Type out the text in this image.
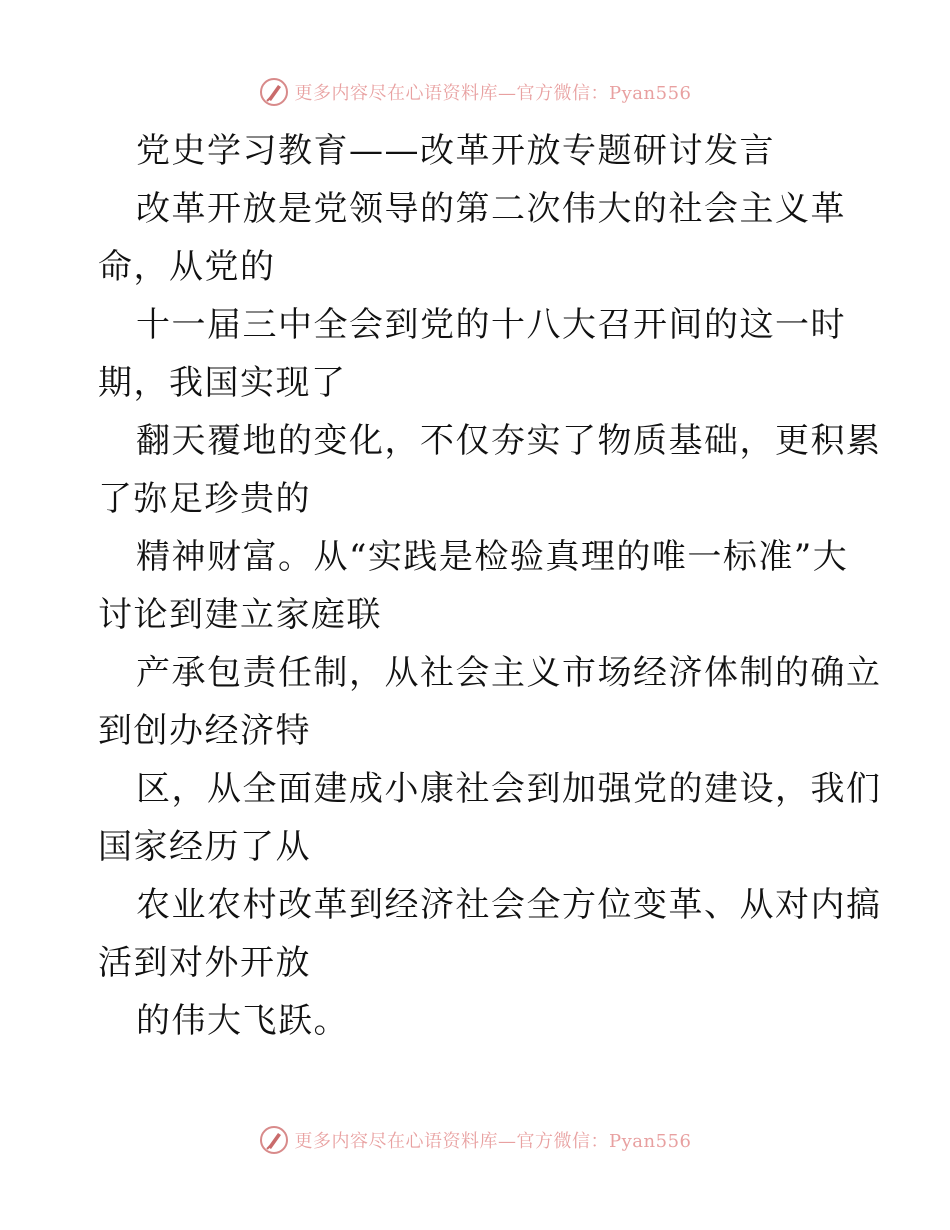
更多内容尽在心语资料库—官方微信：Pyan556
党史学习教育——改革开放专题研讨发言
改革开放是党领导的第二次伟大的社会主义革
命，从党的
十一届三中全会到党的十八大召开间的这一时
期，我国实现了
翻天覆地的变化，不仅夯实了物质基础，更积累
了弥足珍贵的
精神财富。从“实践是检验真理的唯一标准”大
讨论到建立家庭联
产承包责任制，从社会主义市场经济体制的确立
到创办经济特
区，从全面建成小康社会到加强党的建设，我们
国家经历了从
农业农村改革到经济社会全方位变革、从对内搞
活到对外开放
的伟大飞跃。
更多内容尽在心语资料库—官方微信：Pyan556
